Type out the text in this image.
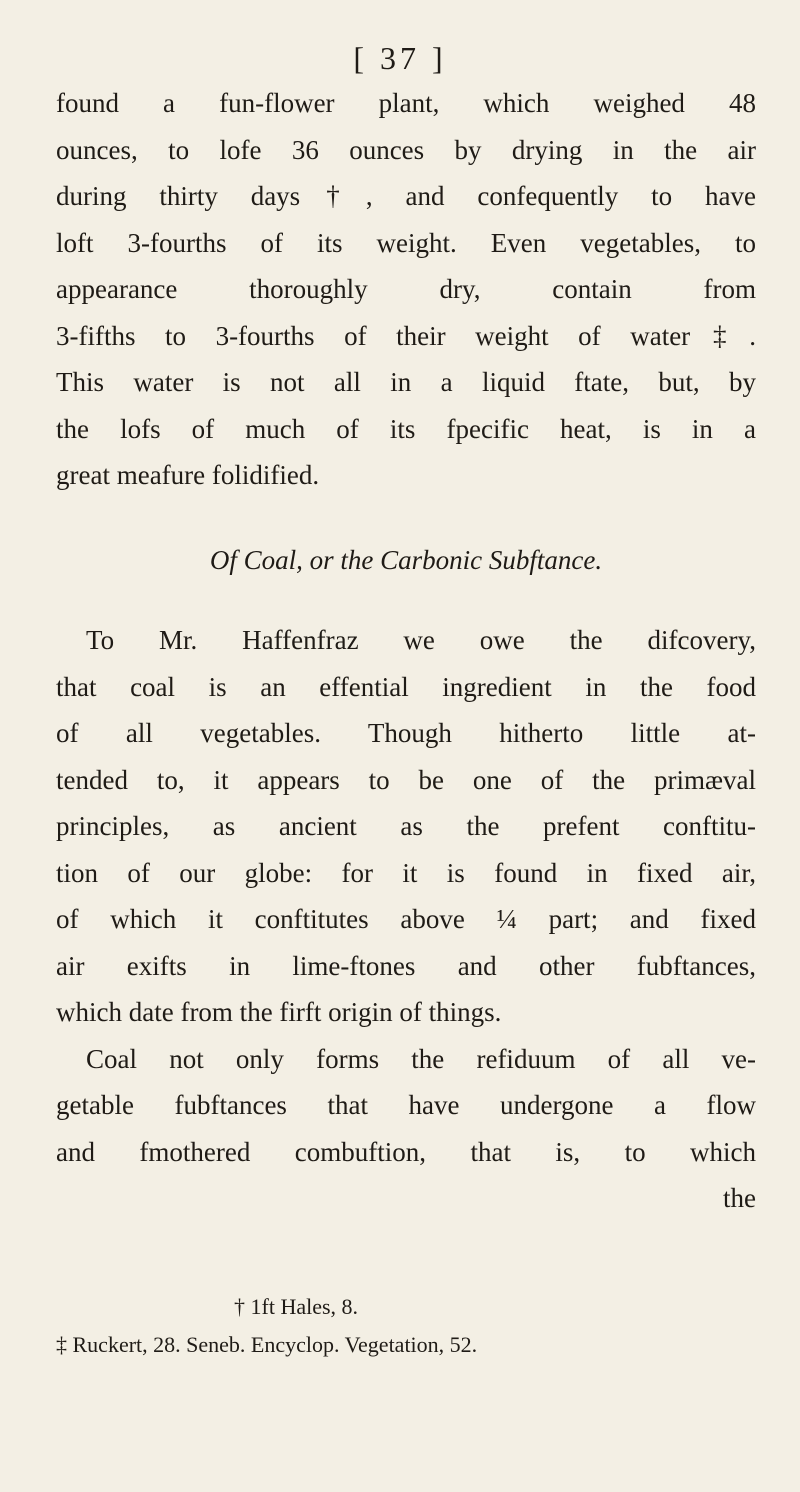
[ 37 ]
found a fun-flower plant, which weighed 48
ounces, to lofe 36 ounces by drying in the air
during thirty days†, and confequently to have
loft 3-fourths of its weight. Even vegetables, to
appearance thoroughly dry, contain from
3-fifths to 3-fourths of their weight of water‡.
This water is not all in a liquid ftate, but, by
the lofs of much of its fpecific heat, is in a
great meafure folidified.
Of Coal, or the Carbonic Subftance.
To Mr. Haffenfraz we owe the difcovery,
that coal is an effential ingredient in the food
of all vegetables. Though hitherto little at-
tended to, it appears to be one of the primæval
principles, as ancient as the prefent conftitu-
tion of our globe: for it is found in fixed air,
of which it conftitutes above ¼ part; and fixed
air exifts in lime-ftones and other fubftances,
which date from the firft origin of things.
Coal not only forms the refiduum of all ve-
getable fubftances that have undergone a flow
and fmothered combuftion, that is, to which
the
† 1ft Hales, 8.
‡ Ruckert, 28. Seneb. Encyclop. Vegetation, 52.
